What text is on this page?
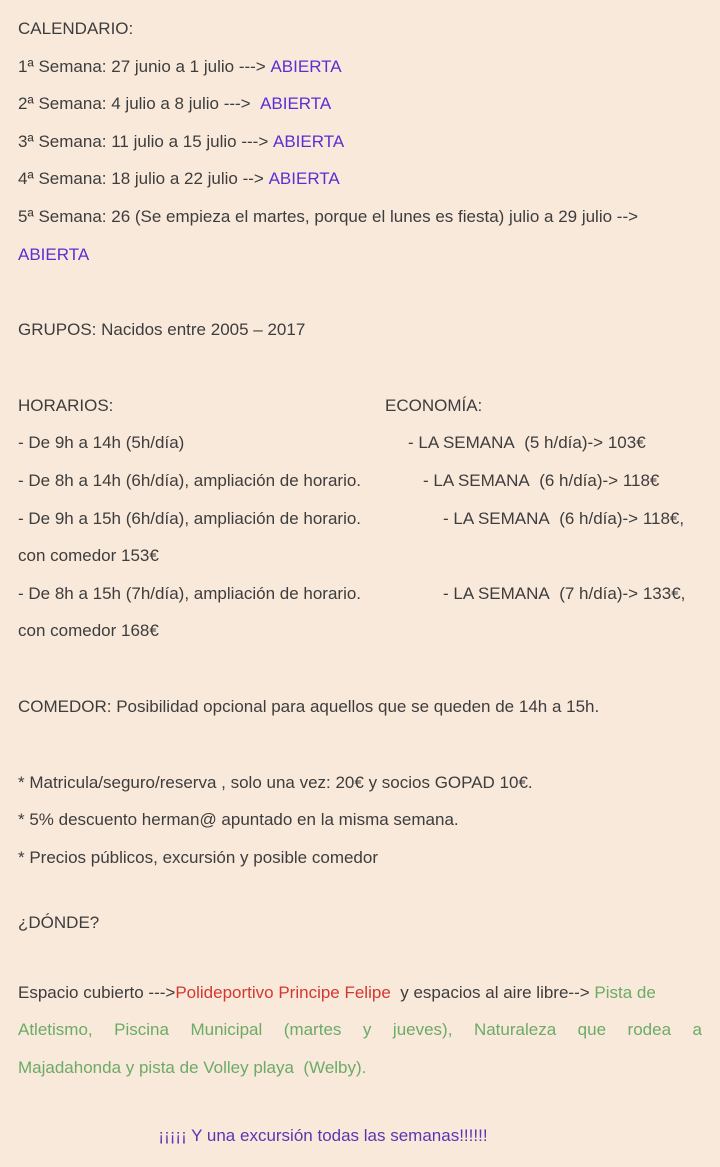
CALENDARIO:
1ª Semana: 27 junio a 1 julio ---> ABIERTA
2ª Semana: 4 julio a 8 julio --->  ABIERTA
3ª Semana: 11 julio a 15 julio ---> ABIERTA
4ª Semana: 18 julio a 22 julio --> ABIERTA
5ª Semana: 26 (Se empieza el martes, porque el lunes es fiesta) julio a 29 julio -->
ABIERTA
GRUPOS: Nacidos entre 2005 – 2017
HORARIOS:	ECONOMÍA:
- De 9h a 14h (5h/día)	- LA SEMANA  (5 h/día)-> 103€
- De 8h a 14h (6h/día), ampliación de horario.	- LA SEMANA  (6 h/día)-> 118€
- De 9h a 15h (6h/día), ampliación de horario.	- LA SEMANA  (6 h/día)-> 118€,
con comedor 153€
- De 8h a 15h (7h/día), ampliación de horario.	- LA SEMANA  (7 h/día)-> 133€,
con comedor 168€
COMEDOR: Posibilidad opcional para aquellos que se queden de 14h a 15h.
* Matricula/seguro/reserva , solo una vez: 20€ y socios GOPAD 10€.
* 5% descuento herman@ apuntado en la misma semana.
* Precios públicos, excursión y posible comedor
¿DÓNDE?
Espacio cubierto --->Polideportivo Principe Felipe  y espacios al aire libre--> Pista de
Atletismo, Piscina Municipal (martes y jueves), Naturaleza que rodea a
Majadahonda y pista de Volley playa  (Welby).
¡¡¡¡¡ Y una excursión todas las semanas!!!!!!
